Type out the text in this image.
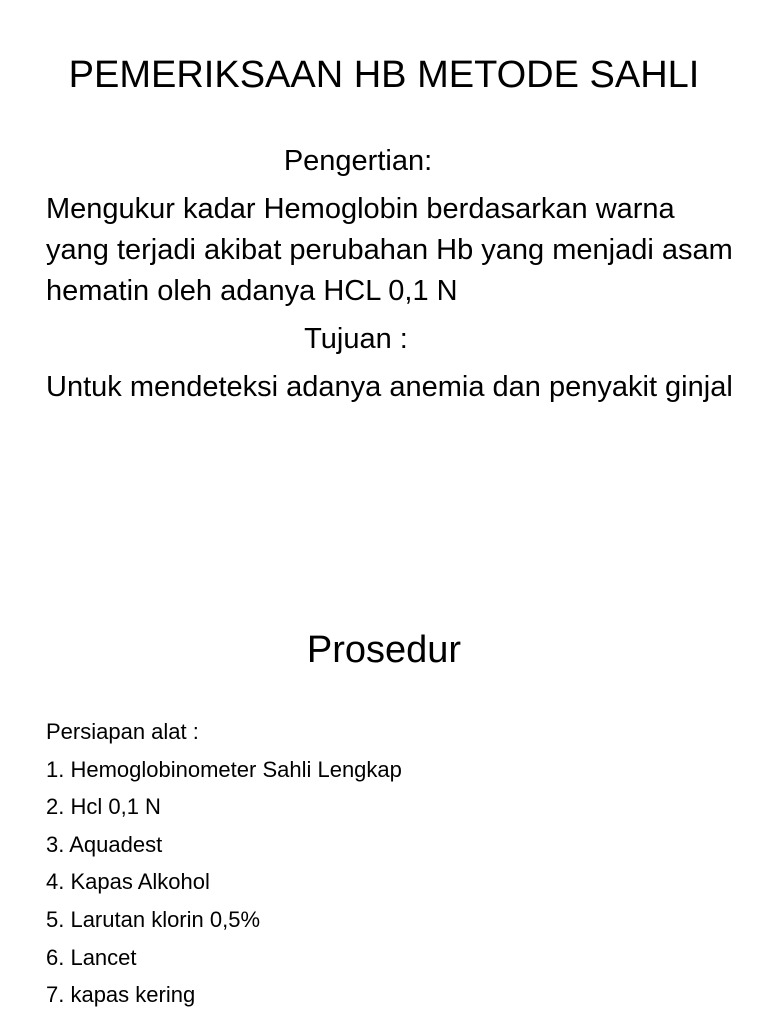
PEMERIKSAAN HB METODE SAHLI
Pengertian:

Mengukur kadar Hemoglobin berdasarkan warna yang terjadi akibat perubahan Hb yang menjadi asam hematin oleh adanya HCL 0,1 N

Tujuan :

Untuk mendeteksi adanya anemia dan penyakit ginjal

Prosedur
Persiapan alat :
1. Hemoglobinometer Sahli Lengkap
2. Hcl 0,1 N
3. Aquadest
4. Kapas Alkohol
5. Larutan klorin 0,5%
6. Lancet
7. kapas kering
